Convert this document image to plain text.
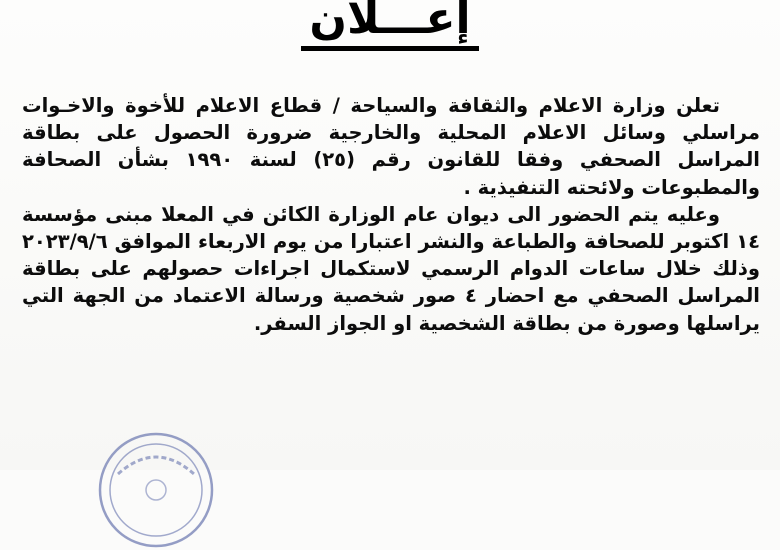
إعـــلان

تعلن وزارة الاعلام والثقافة والسياحة / قطاع الاعلام للأخوة والاخـوات مراسلي وسائل الاعلام المحلية والخارجية ضرورة الحصول على بطاقة المراسل الصحفي وفقا للقانون رقم (٢٥) لسنة ١٩٩٠ بشأن الصحافة والمطبوعات ولائحته التنفيذية .

وعليه يتم الحضور الى ديوان عام الوزارة الكائن في المعلا مبنى مؤسسة ١٤ اكتوبر للصحافة والطباعة والنشر اعتبارا من يوم الاربعاء الموافق ٢٠٢٣/٩/٦ وذلك خلال ساعات الدوام الرسمي لاستكمال اجراءات حصولهم على بطاقة المراسل الصحفي مع احضار ٤ صور شخصية ورسالة الاعتماد من الجهة التي يراسلها وصورة من بطاقة الشخصية او الجواز السفر.
